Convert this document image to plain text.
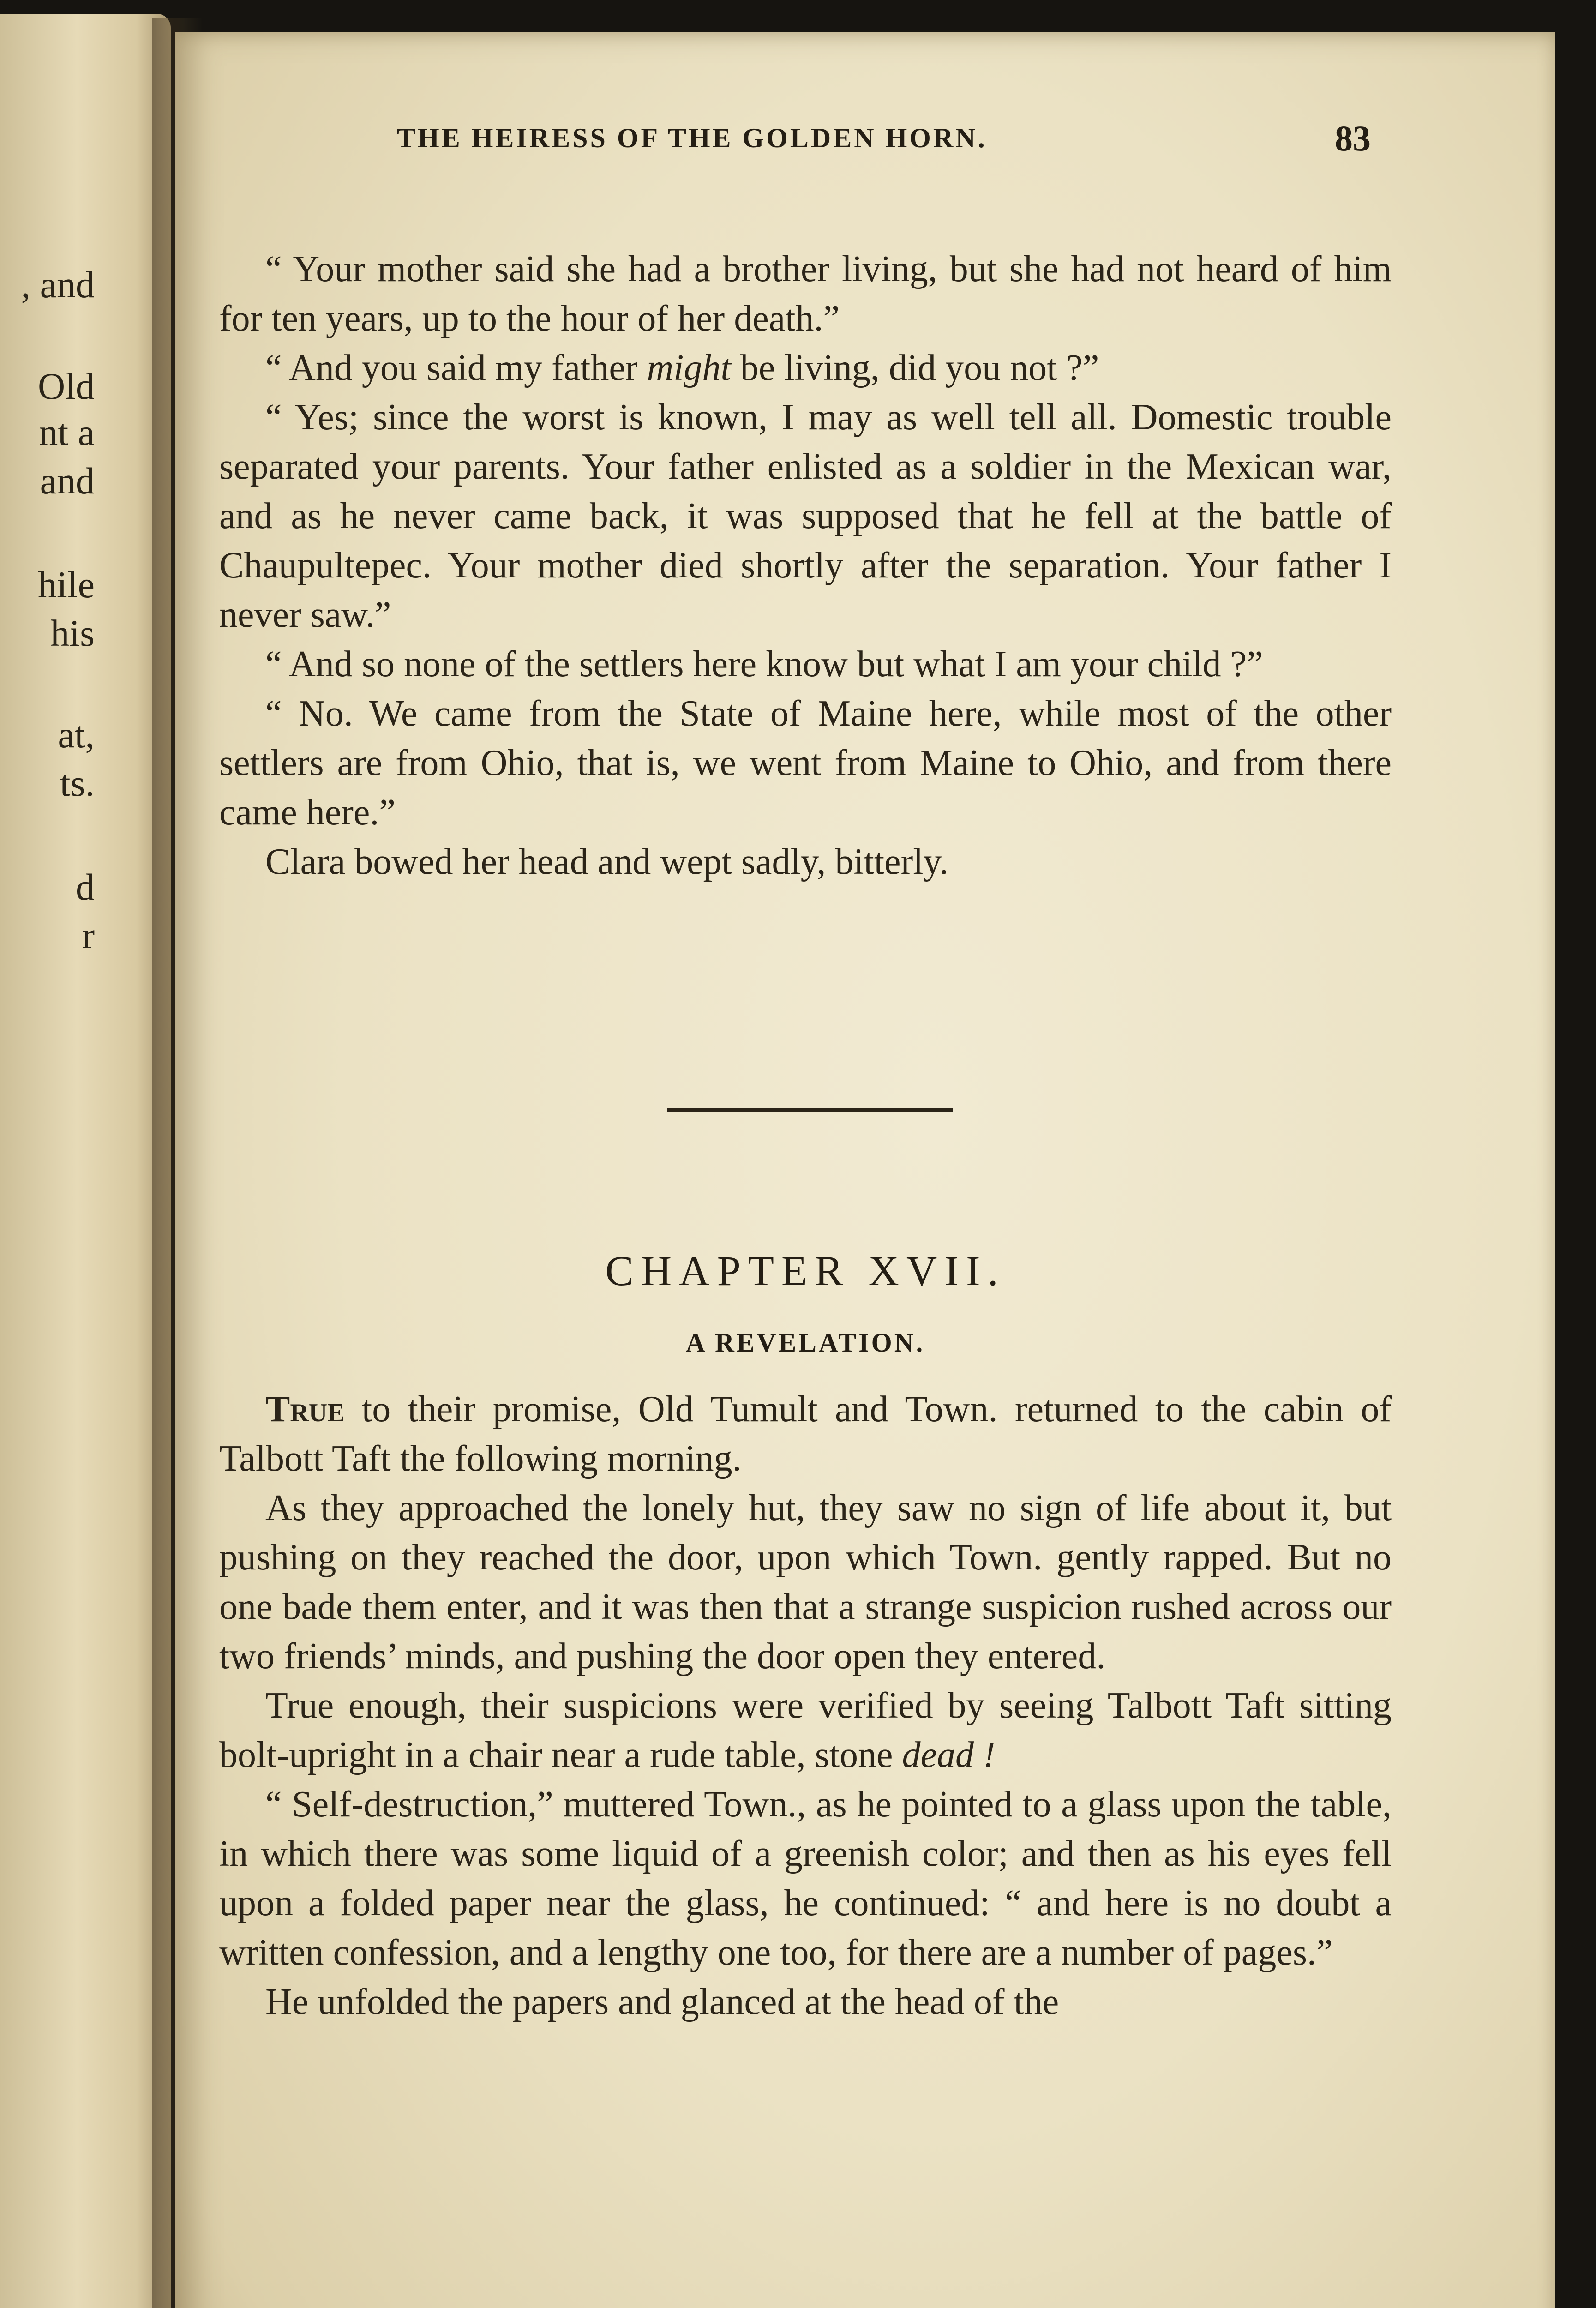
, and
Old
nt a
and
hile
his
at,
ts.
d
r
THE HEIRESS OF THE GOLDEN HORN.	83

“ Your mother said she had a brother living, but she had not heard of him for ten years, up to the hour of her death.”

“ And you said my father might be living, did you not ?”

“ Yes; since the worst is known, I may as well tell all. Domestic trouble separated your parents. Your father enlisted as a soldier in the Mexican war, and as he never came back, it was supposed that he fell at the battle of Chaupultepec. Your mother died shortly after the separation. Your father I never saw.”

“ And so none of the settlers here know but what I am your child ?”

“ No. We came from the State of Maine here, while most of the other settlers are from Ohio, that is, we went from Maine to Ohio, and from there came here.”

Clara bowed her head and wept sadly, bitterly.

CHAPTER XVII.
A REVELATION.

True to their promise, Old Tumult and Town. returned to the cabin of Talbott Taft the following morning.

As they approached the lonely hut, they saw no sign of life about it, but pushing on they reached the door, upon which Town. gently rapped. But no one bade them enter, and it was then that a strange suspicion rushed across our two friends’ minds, and pushing the door open they entered.

True enough, their suspicions were verified by seeing Talbott Taft sitting bolt-upright in a chair near a rude table, stone dead !

“ Self-destruction,” muttered Town., as he pointed to a glass upon the table, in which there was some liquid of a greenish color; and then as his eyes fell upon a folded paper near the glass, he continued: “ and here is no doubt a written confession, and a lengthy one too, for there are a number of pages.”

He unfolded the papers and glanced at the head of the
